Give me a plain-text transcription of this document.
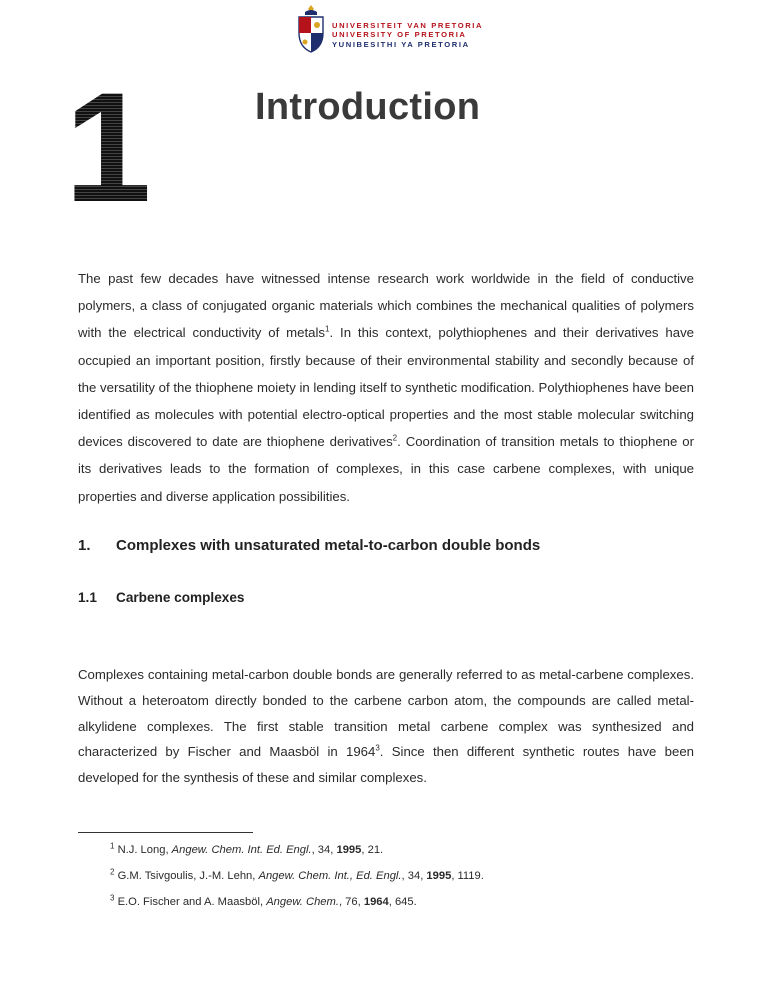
UNIVERSITEIT VAN PRETORIA
UNIVERSITY OF PRETORIA
YUNIBESITHI YA PRETORIA
1	Introduction

The past few decades have witnessed intense research work worldwide in the field of conductive polymers, a class of conjugated organic materials which combines the mechanical qualities of polymers with the electrical conductivity of metals$^1$. In this context, polythiophenes and their derivatives have occupied an important position, firstly because of their environmental stability and secondly because of the versatility of the thiophene moiety in lending itself to synthetic modification. Polythiophenes have been identified as molecules with potential electro-optical properties and the most stable molecular switching devices discovered to date are thiophene derivatives$^2$. Coordination of transition metals to thiophene or its derivatives leads to the formation of complexes, in this case carbene complexes, with unique properties and diverse application possibilities.

1.	Complexes with unsaturated metal-to-carbon double bonds
1.1	Carbene complexes

Complexes containing metal-carbon double bonds are generally referred to as metal-carbene complexes. Without a heteroatom directly bonded to the carbene carbon atom, the compounds are called metal-alkylidene complexes. The first stable transition metal carbene complex was synthesized and characterized by Fischer and Maasböl in 1964$^3$. Since then different synthetic routes have been developed for the synthesis of these and similar complexes.

$^1$ N.J. Long, Angew. Chem. Int. Ed. Engl., 34, 1995, 21.
$^2$ G.M. Tsivgoulis, J.-M. Lehn, Angew. Chem. Int., Ed. Engl., 34, 1995, 1119.
$^3$ E.O. Fischer and A. Maasböl, Angew. Chem., 76, 1964, 645.
